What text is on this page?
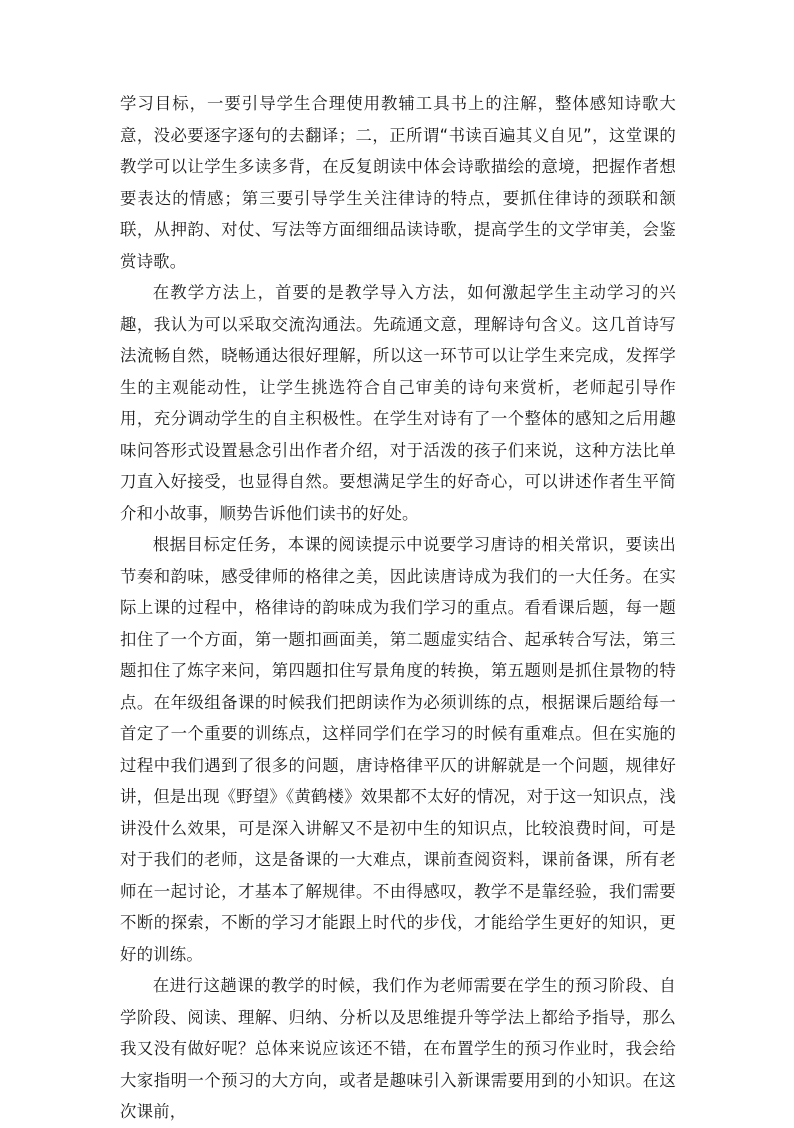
学习目标，一要引导学生合理使用教辅工具书上的注解，整体感知诗歌大意，没必要逐字逐句的去翻译；二，正所谓“书读百遍其义自见”，这堂课的教学可以让学生多读多背，在反复朗读中体会诗歌描绘的意境，把握作者想要表达的情感；第三要引导学生关注律诗的特点，要抓住律诗的颈联和颔联，从押韵、对仗、写法等方面细细品读诗歌，提高学生的文学审美，会鉴赏诗歌。

在教学方法上，首要的是教学导入方法，如何激起学生主动学习的兴趣，我认为可以采取交流沟通法。先疏通文意，理解诗句含义。这几首诗写法流畅自然，晓畅通达很好理解，所以这一环节可以让学生来完成，发挥学生的主观能动性，让学生挑选符合自己审美的诗句来赏析，老师起引导作用，充分调动学生的自主积极性。在学生对诗有了一个整体的感知之后用趣味问答形式设置悬念引出作者介绍，对于活泼的孩子们来说，这种方法比单刀直入好接受，也显得自然。要想满足学生的好奇心，可以讲述作者生平简介和小故事，顺势告诉他们读书的好处。

根据目标定任务，本课的阅读提示中说要学习唐诗的相关常识，要读出节奏和韵味，感受律师的格律之美，因此读唐诗成为我们的一大任务。在实际上课的过程中，格律诗的韵味成为我们学习的重点。看看课后题，每一题扣住了一个方面，第一题扣画面美，第二题虚实结合、起承转合写法，第三题扣住了炼字来问，第四题扣住写景角度的转换，第五题则是抓住景物的特点。在年级组备课的时候我们把朗读作为必须训练的点，根据课后题给每一首定了一个重要的训练点，这样同学们在学习的时候有重难点。但在实施的过程中我们遇到了很多的问题，唐诗格律平仄的讲解就是一个问题，规律好讲，但是出现《野望》《黄鹤楼》效果都不太好的情况，对于这一知识点，浅讲没什么效果，可是深入讲解又不是初中生的知识点，比较浪费时间，可是对于我们的老师，这是备课的一大难点，课前查阅资料，课前备课，所有老师在一起讨论，才基本了解规律。不由得感叹，教学不是靠经验，我们需要不断的探索，不断的学习才能跟上时代的步伐，才能给学生更好的知识，更好的训练。

在进行这趟课的教学的时候，我们作为老师需要在学生的预习阶段、自学阶段、阅读、理解、归纳、分析以及思维提升等学法上都给予指导，那么我又没有做好呢？总体来说应该还不错，在布置学生的预习作业时，我会给大家指明一个预习的大方向，或者是趣味引入新课需要用到的小知识。在这次课前，
